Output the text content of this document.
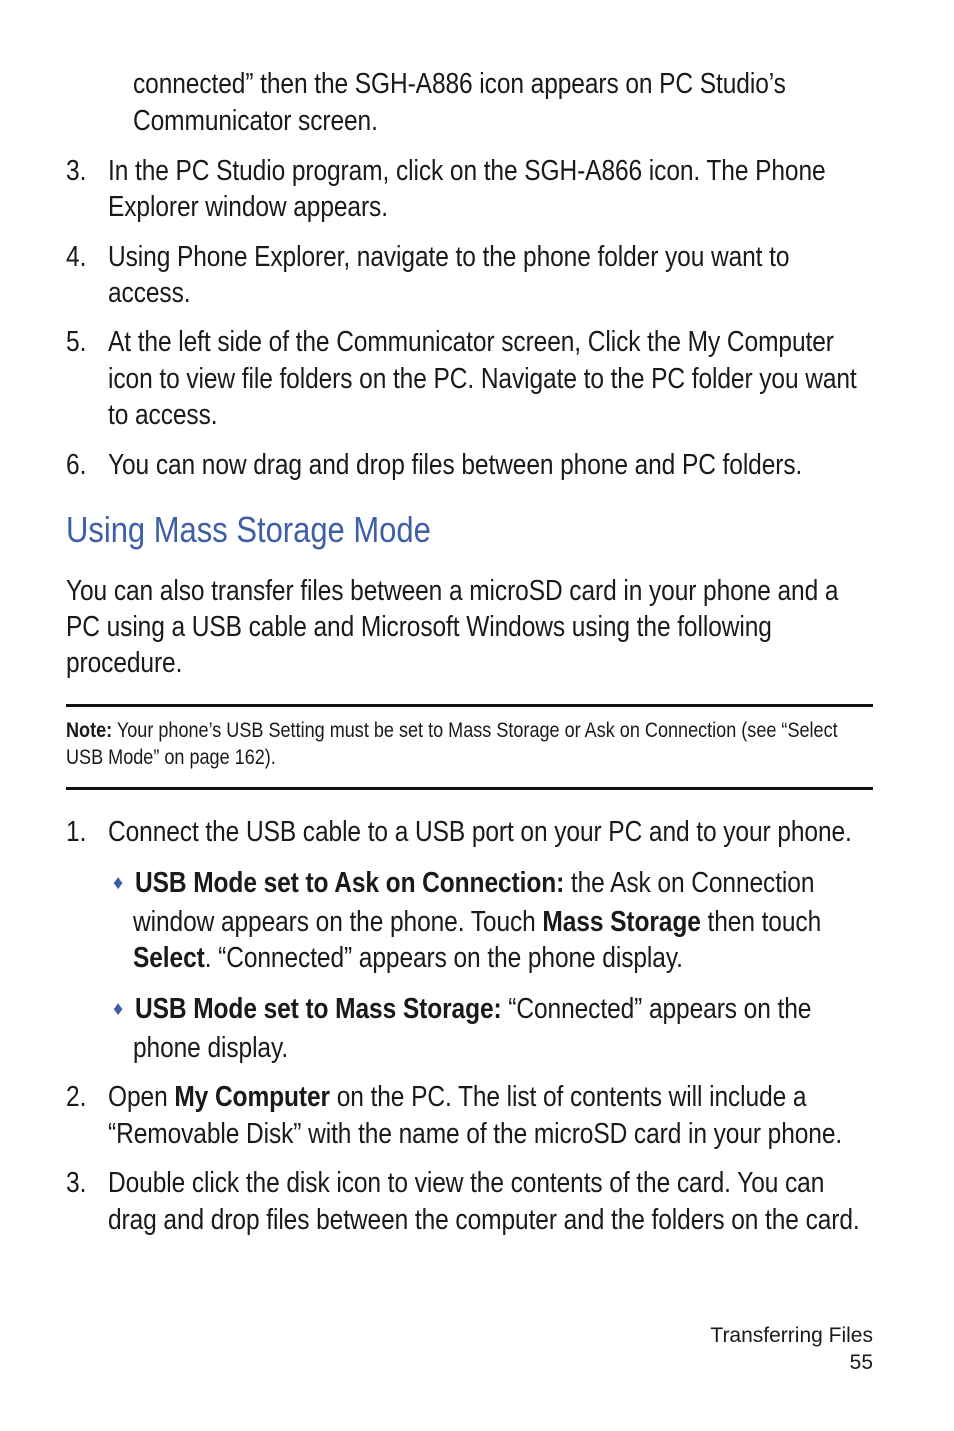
connected” then the SGH-A886 icon appears on PC Studio’s
Communicator screen.
3. In the PC Studio program, click on the SGH-A866 icon. The Phone
Explorer window appears.
4. Using Phone Explorer, navigate to the phone folder you want to
access.
5. At the left side of the Communicator screen, Click the My Computer
icon to view file folders on the PC. Navigate to the PC folder you want
to access.
6. You can now drag and drop files between phone and PC folders.
Using Mass Storage Mode
You can also transfer files between a microSD card in your phone and a
PC using a USB cable and Microsoft Windows using the following
procedure.
Note: Your phone’s USB Setting must be set to Mass Storage or Ask on Connection (see “Select
USB Mode” on page 162).
1. Connect the USB cable to a USB port on your PC and to your phone.
♦ USB Mode set to Ask on Connection: the Ask on Connection
window appears on the phone. Touch Mass Storage then touch
Select. “Connected” appears on the phone display.
♦ USB Mode set to Mass Storage: “Connected” appears on the
phone display.
2. Open My Computer on the PC. The list of contents will include a
“Removable Disk” with the name of the microSD card in your phone.
3. Double click the disk icon to view the contents of the card. You can
drag and drop files between the computer and the folders on the card.
Transferring Files
55
